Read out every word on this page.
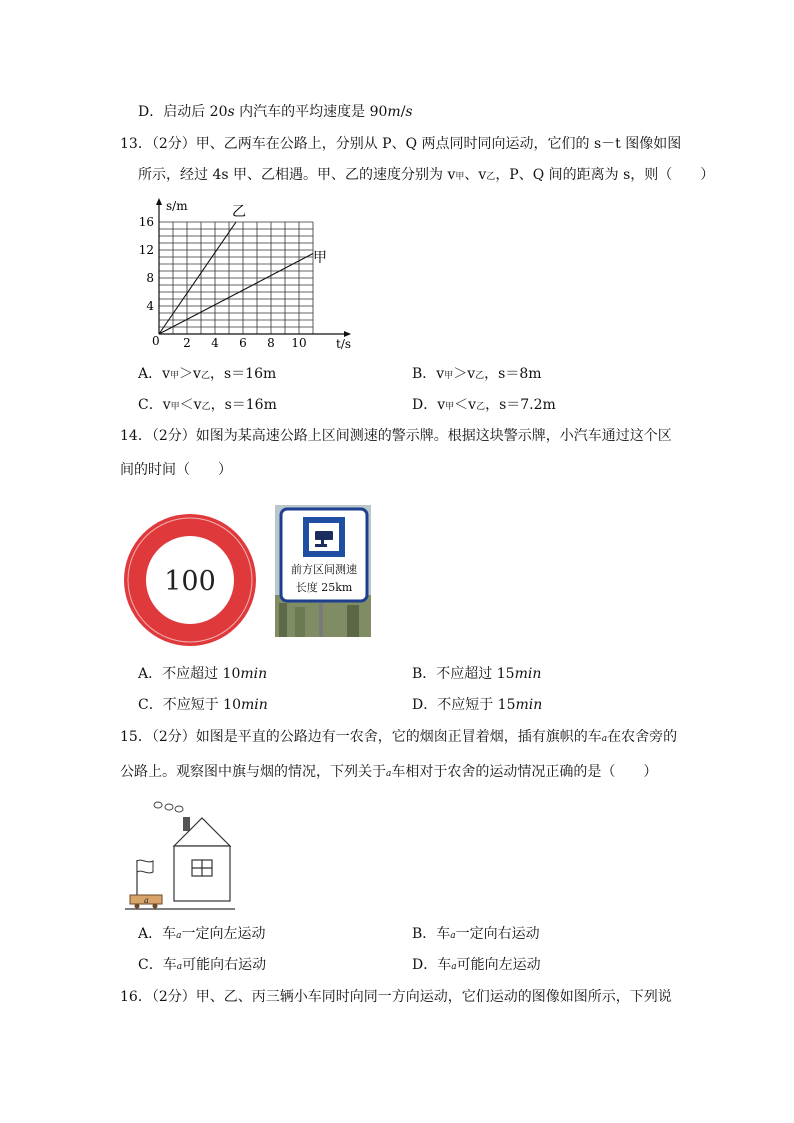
D．启动后 20s 内汽车的平均速度是 90m/s
13．（2分）甲、乙两车在公路上，分别从 P、Q 两点同时同向运动，它们的 s－t 图像如图
所示，经过 4s 甲、乙相遇。甲、乙的速度分别为 v甲、v乙，P、Q 间的距离为 s，则（　　）
2 4 6 8 10
16
12
8
4
s/m
t/s
0
乙
甲
A．v甲＞v乙，s＝16m	B．v甲＞v乙，s＝8m
C．v甲＜v乙，s＝16m	D．v甲＜v乙，s＝7.2m
14．（2分）如图为某高速公路上区间测速的警示牌。根据这块警示牌，小汽车通过这个区
间的时间（　　）
100	前方区间测速
长度 25km
A．不应超过 10min	B．不应超过 15min
C．不应短于 10min	D．不应短于 15min
15．（2分）如图是平直的公路边有一农舍，它的烟囱正冒着烟，插有旗帜的车a在农舍旁的
公路上。观察图中旗与烟的情况，下列关于a车相对于农舍的运动情况正确的是（　　）
a
A．车a一定向左运动	B．车a一定向右运动
C．车a可能向右运动	D．车a可能向左运动
16．（2分）甲、乙、丙三辆小车同时向同一方向运动，它们运动的图像如图所示，下列说
